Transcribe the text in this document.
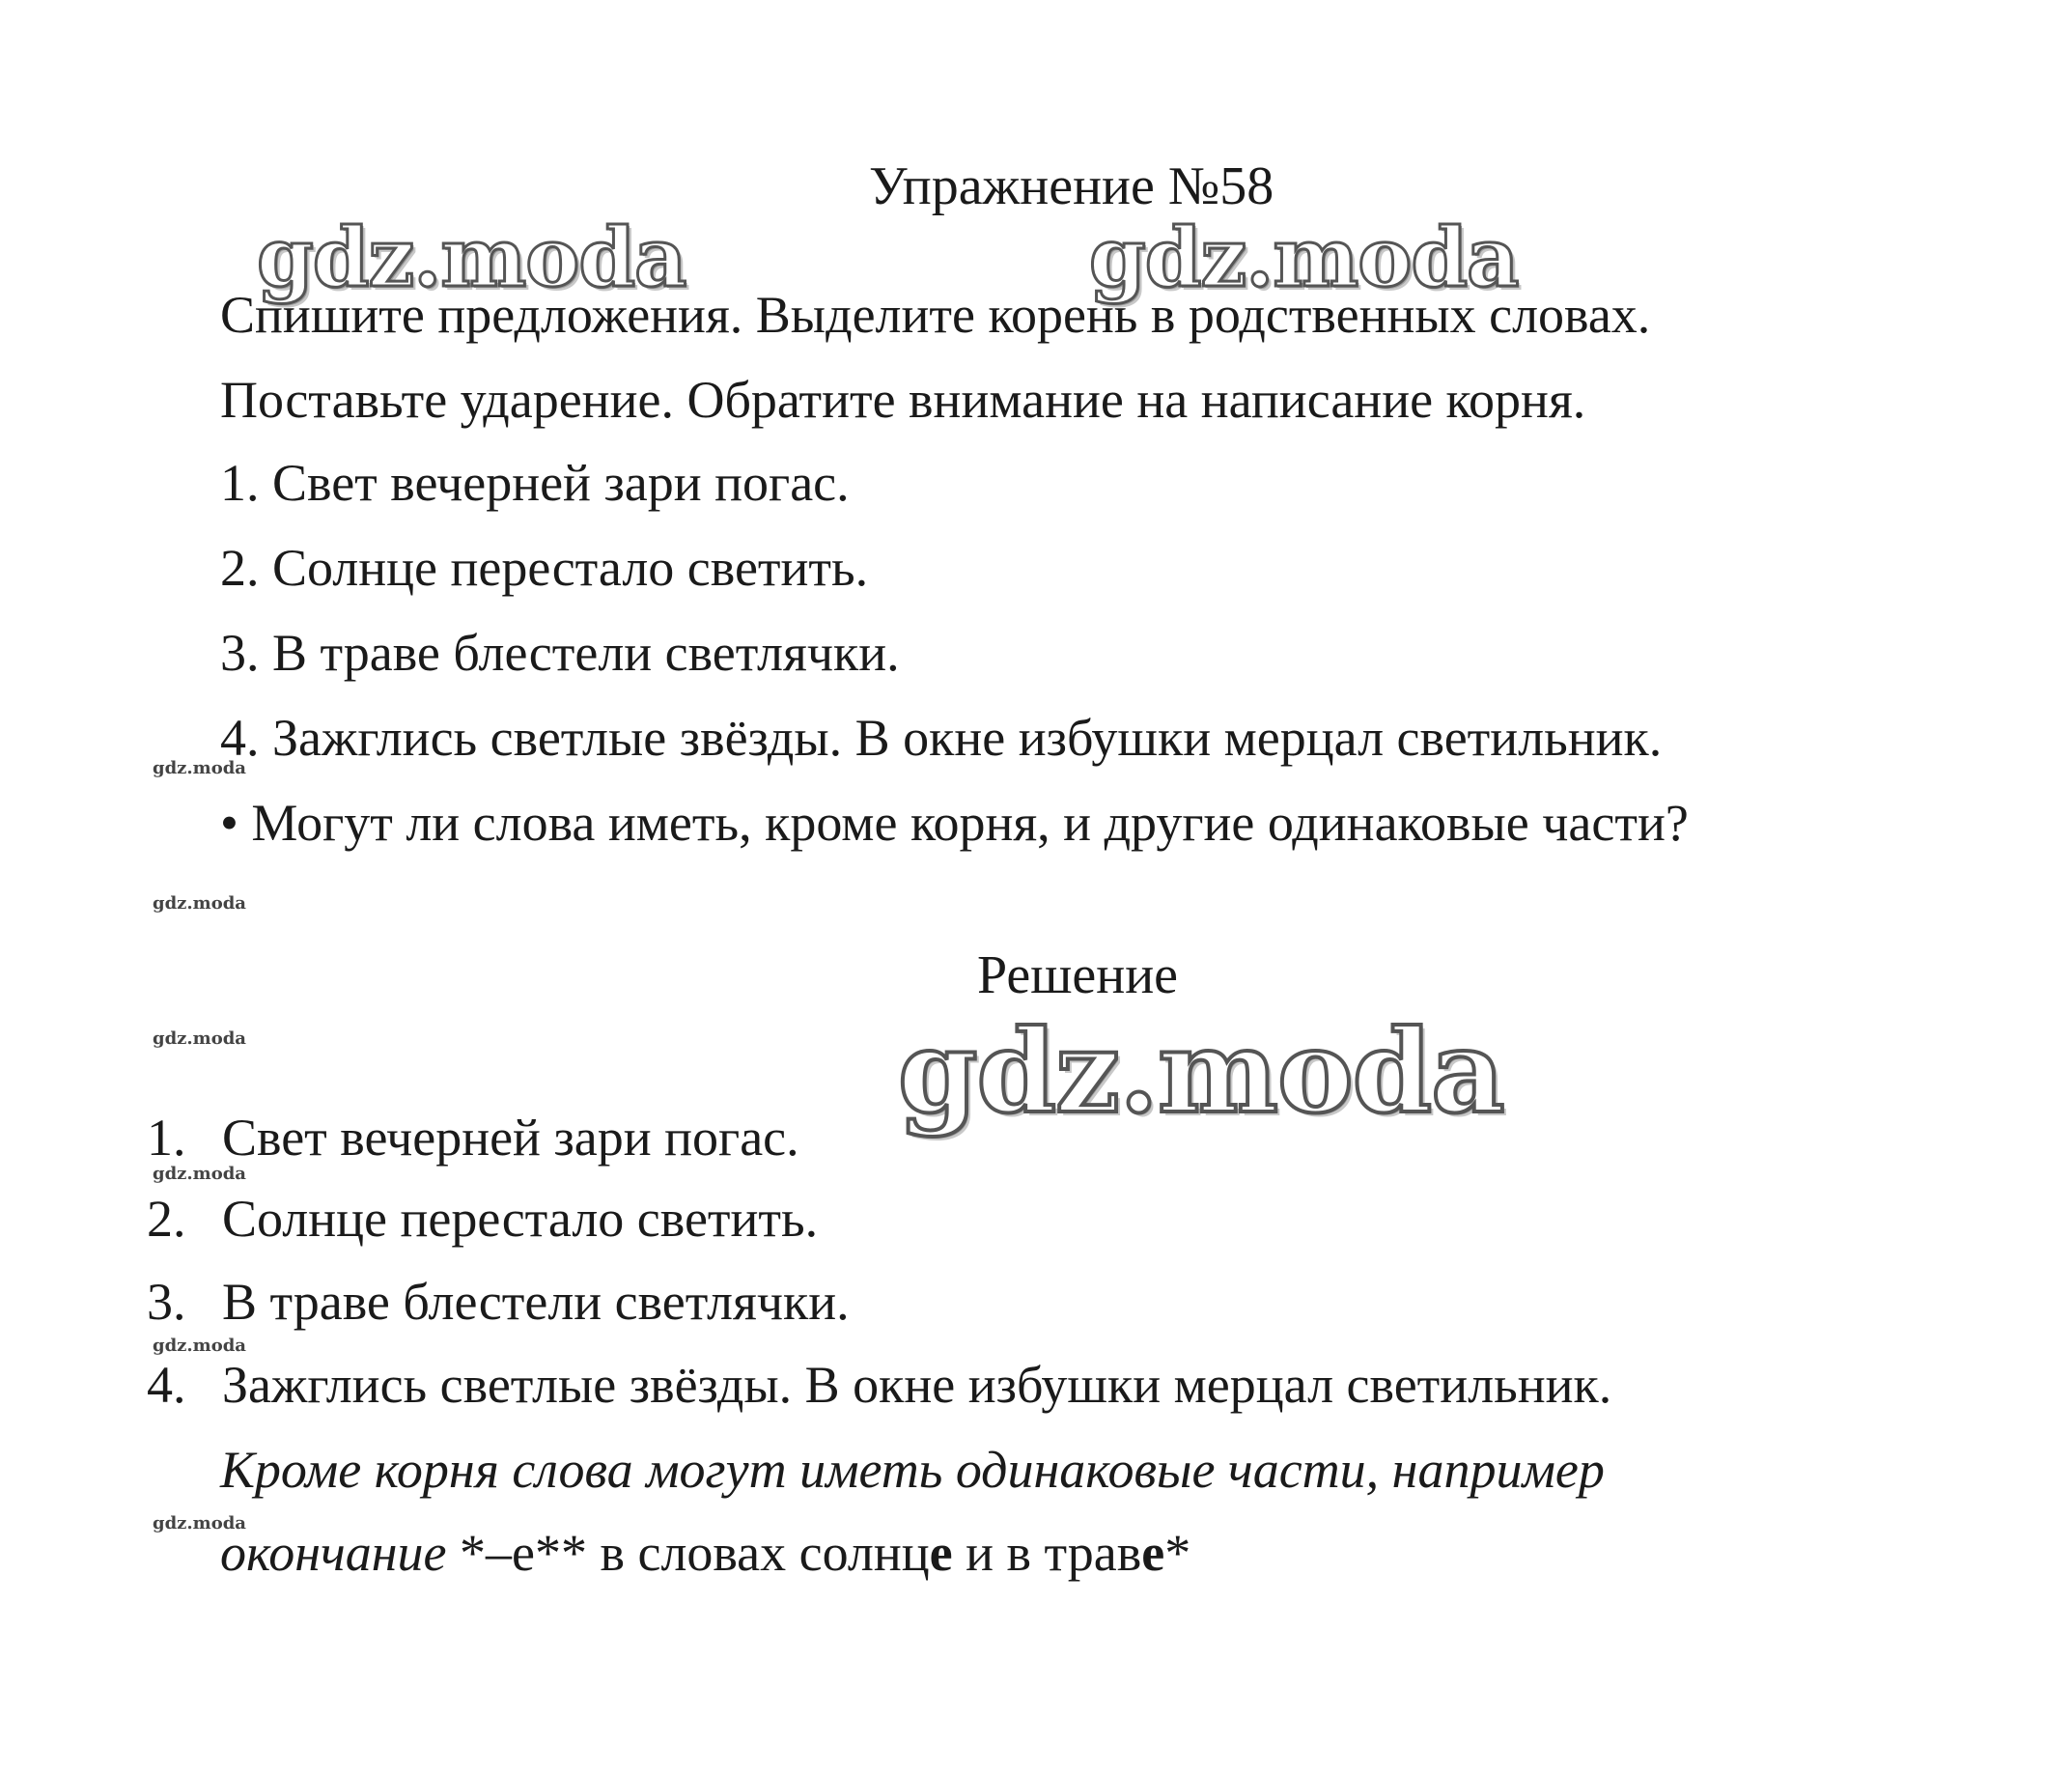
Упражнение №58
gdz.moda	gdz.moda
Спишите предложения. Выделите корень в родственных словах.
Поставьте ударение. Обратите внимание на написание корня.
1. Свет вечерней зари погас.
2. Солнце перестало светить.
3. В траве блестели светлячки.
4. Зажглись светлые звёзды. В окне избушки мерцал светильник.
gdz.moda
• Могут ли слова иметь, кроме корня, и другие одинаковые части?
gdz.moda
Решение
gdz.moda	gdz.moda
1. Свет вечерней зари погас.
gdz.moda
2. Солнце перестало светить.
3. В траве блестели светлячки.
gdz.moda
4. Зажглись светлые звёзды. В окне избушки мерцал светильник.
Кроме корня слова могут иметь одинаковые части, например
gdz.moda
окончание *–е** в словах солнце и в траве*
